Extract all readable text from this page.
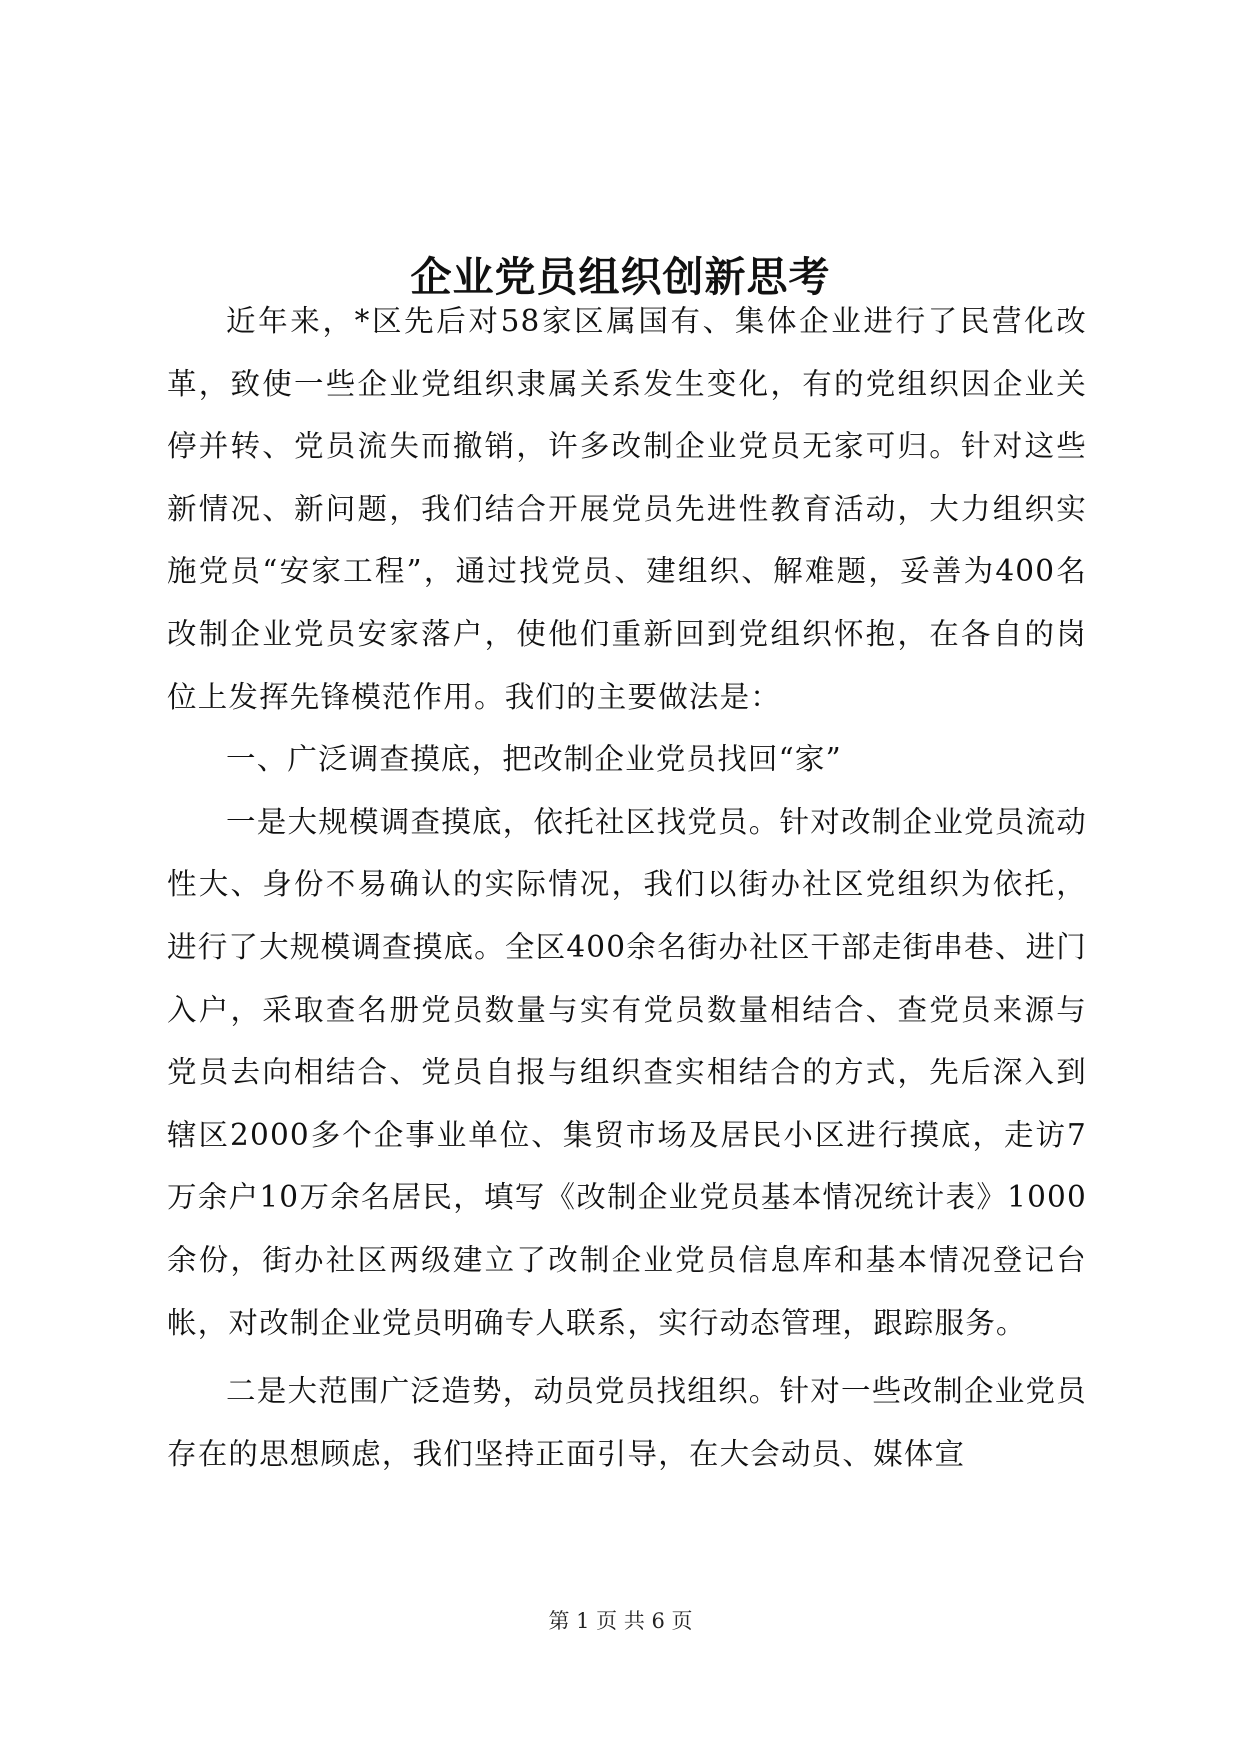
企业党员组织创新思考

近年来，*区先后对58家区属国有、集体企业进行了民营化改革，致使一些企业党组织隶属关系发生变化，有的党组织因企业关停并转、党员流失而撤销，许多改制企业党员无家可归。针对这些新情况、新问题，我们结合开展党员先进性教育活动，大力组织实施党员“安家工程”，通过找党员、建组织、解难题，妥善为400名改制企业党员安家落户，使他们重新回到党组织怀抱，在各自的岗位上发挥先锋模范作用。我们的主要做法是：

一、广泛调查摸底，把改制企业党员找回“家”

一是大规模调查摸底，依托社区找党员。针对改制企业党员流动性大、身份不易确认的实际情况，我们以街办社区党组织为依托，进行了大规模调查摸底。全区400余名街办社区干部走街串巷、进门入户，采取查名册党员数量与实有党员数量相结合、查党员来源与党员去向相结合、党员自报与组织查实相结合的方式，先后深入到辖区2000多个企事业单位、集贸市场及居民小区进行摸底，走访7万余户10万余名居民，填写《改制企业党员基本情况统计表》1000余份，街办社区两级建立了改制企业党员信息库和基本情况登记台帐，对改制企业党员明确专人联系，实行动态管理，跟踪服务。

二是大范围广泛造势，动员党员找组织。针对一些改制企业党员存在的思想顾虑，我们坚持正面引导，在大会动员、媒体宣

第 1 页 共 6 页
